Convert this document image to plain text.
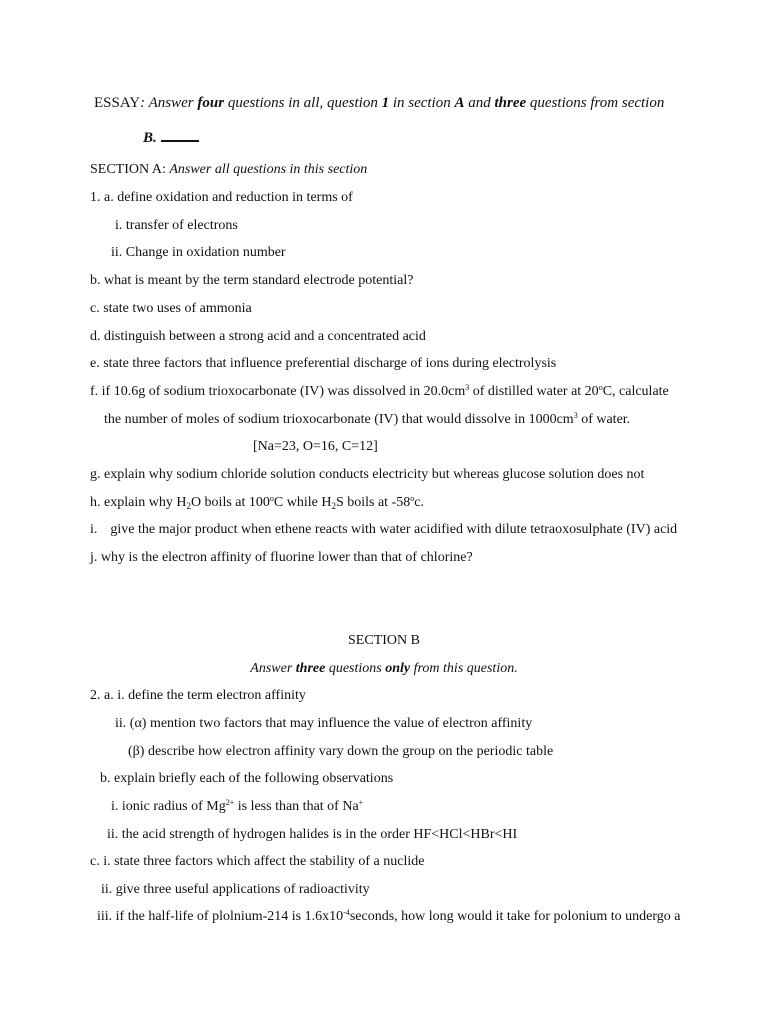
ESSAY: Answer four questions in all, question 1 in section A and three questions from section
B.
SECTION A: Answer all questions in this section
1. a. define oxidation and reduction in terms of
i. transfer of electrons
ii. Change in oxidation number
b. what is meant by the term standard electrode potential?
c. state two uses of ammonia
d. distinguish between a strong acid and a concentrated acid
e. state three factors that influence preferential discharge of ions during electrolysis
f. if 10.6g of sodium trioxocarbonate (IV) was dissolved in $20.0cm^3$ of distilled water at 20$^o$C, calculate
the number of moles of sodium trioxocarbonate (IV) that would dissolve in $1000cm^3$ of water.
[Na=23, O=16, C=12]
g. explain why sodium chloride solution conducts electricity but whereas glucose solution does not
h. explain why $H_2O$ boils at 100$^o$C while $H_2S$ boils at -58$^o$c.
i. give the major product when ethene reacts with water acidified with dilute tetraoxosulphate (IV) acid
j. why is the electron affinity of fluorine lower than that of chlorine?
SECTION B
Answer three questions only from this question.
2. a. i. define the term electron affinity
ii. (α) mention two factors that may influence the value of electron affinity
(β) describe how electron affinity vary down the group on the periodic table
b. explain briefly each of the following observations
i. ionic radius of $Mg^{2+}$ is less than that of Na+
ii. the acid strength of hydrogen halides is in the order HF<HCl<HBr<HI
c. i. state three factors which affect the stability of a nuclide
ii. give three useful applications of radioactivity
iii. if the half-life of plolnium-214 is $1.6x10^{-4}seconds$, how long would it take for polonium to undergo a
